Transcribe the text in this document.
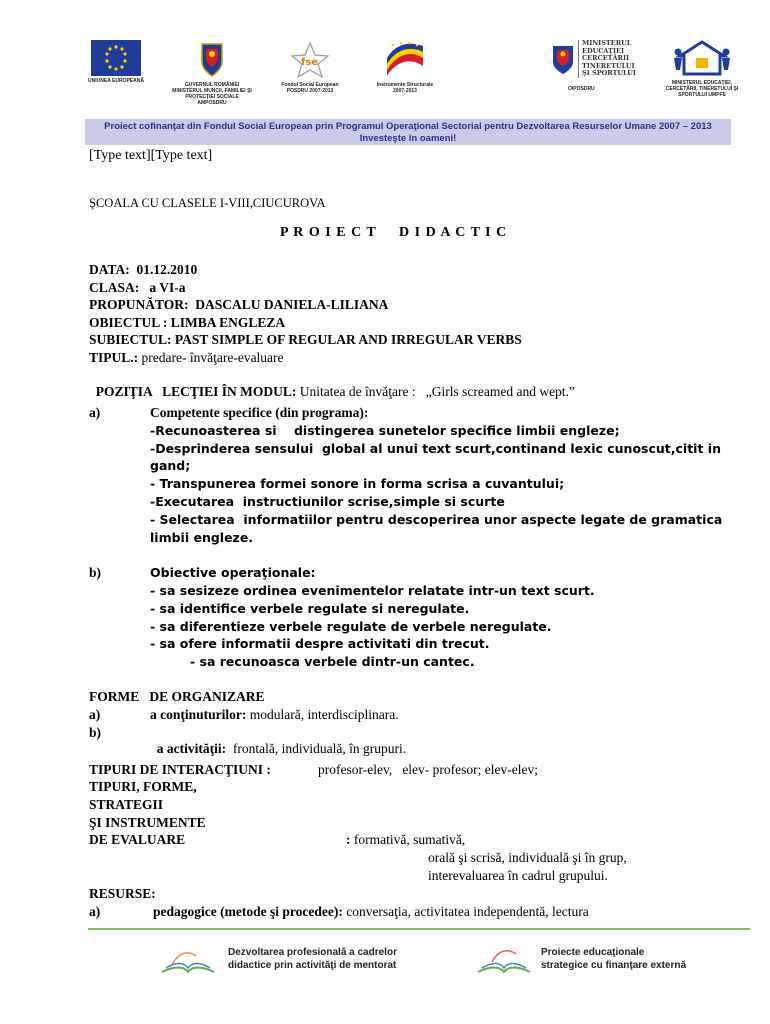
UNIUNEA EUROPEANĂ
GUVERNUL ROMÂNIEI MINISTERUL MUNCII, FAMILIEI ŞI PROTECŢIEI SOCIALE AMPOSDRU
fse
Fondul Social European POSDRU 2007-2013
Instrumente Structurale 2007-2013
MINISTERUL
EDUCAŢIEI
CERCETĂRII
TINERETULUI
ŞI SPORTULUI
OIPOSDRU
MINISTERUL EDUCAŢIEI, CERCETĂRII, TINERETULUI ŞI SPORTULUI UMPFE
Proiect cofinanţat din Fondul Social European prin Programul Operaţional Sectorial pentru Dezvoltarea Resurselor Umane 2007 – 2013
Investeşte în oameni!
[Type text][Type text]
ŞCOALA CU CLASELE I-VIII,CIUCUROVA
P R O I E C T     D I D A C T I C
DATA:  01.12.2010
CLASA:   a VI-a
PROPUNĂTOR:  DASCALU DANIELA-LILIANA
OBIECTUL : LIMBA ENGLEZA
SUBIECTUL: PAST SIMPLE OF REGULAR AND IRREGULAR VERBS
TIPUL.: predare- învăţare-evaluare

POZIŢIA   LECŢIEI ÎN MODUL: Unitatea de învăţare :   „Girls screamed and wept.”

a)	Competente specifice (din programa):
-Recunoasterea si    distingerea sunetelor specifice limbii engleze;
-Desprinderea sensului  global al unui text scurt,continand lexic cunoscut,citit in
gand;
- Transpunerea formei sonore in forma scrisa a cuvantului;
-Executarea  instructiunilor scrise,simple si scurte
- Selectarea  informatiilor pentru descoperirea unor aspecte legate de gramatica
limbii engleze.
b)	Obiective operaţionale:
- sa sesizeze ordinea evenimentelor relatate intr-un text scurt.
- sa identifice verbele regulate si neregulate.
- sa diferentieze verbele regulate de verbele neregulate.
- sa ofere informatii despre activitati din trecut.
- sa recunoasca verbele dintr-un cantec.
FORME   DE ORGANIZARE
a)	a conţinuturilor: modulară, interdisciplinara.
b)

a activităţii:  frontală, individuală, în grupuri.

TIPURI DE INTERACŢIUNI :	profesor-elev,   elev- profesor; elev-elev;
TIPURI, FORME,
STRATEGII
ŞI INSTRUMENTE
DE EVALUARE	: formativă, sumativă,
orală şi scrisă, individuală şi în grup,
interevaluarea în cadrul grupului.
RESURSE:
a)	pedagogice (metode şi procedee): conversaţia, activitatea independentă, lectura
Dezvoltarea profesională a cadrelor
didactice prin activităţi de mentorat
Proiecte educaţionale
strategice cu finanţare externă
